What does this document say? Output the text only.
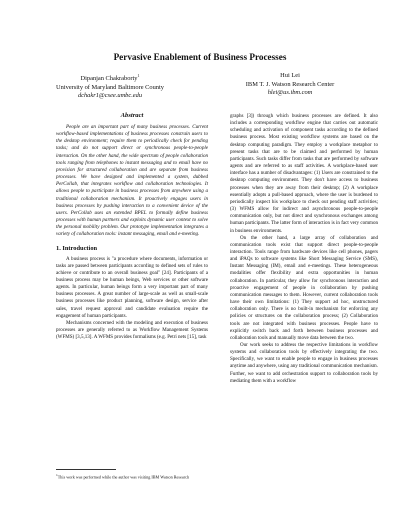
Pervasive Enablement of Business Processes
Dipanjan Chakraborty$^1$
University of Maryland Baltimore County
dchakr1@csee.umbc.edu
Hui Lei
IBM T. J. Watson Research Center
hlei@us.ibm.com
Abstract

People are an important part of many business processes. Current workflow-based implementations of business processes constrain users to the desktop environment; require them to periodically check for pending tasks; and do not support direct or synchronous people-to-people interaction. On the other hand, the wide spectrum of people collaboration tools ranging from telephones to instant messaging and to email have no provision for structured collaboration and are separate from business processes. We have designed and implemented a system, dubbed PerCollab, that integrates workflow and collaboration technologies. It allows people to participate in business processes from anywhere using a traditional collaboration mechanism. It proactively engages users in business processes by pushing interaction to a convenient device of the users. PerCollab uses an extended BPEL to formally define business processes with human partners and exploits dynamic user context to solve the personal mobility problem. Our prototype implementation integrates a variety of collaboration tools: instant messaging, email and e-meeting.

1. Introduction

A business process is "a procedure where documents, information or tasks are passed between participants according to defined sets of rules to achieve or contribute to an overall business goal" [24]. Participants of a business process may be human beings, Web services or other software agents. In particular, human beings form a very important part of many business processes. A great number of large-scale as well as small-scale business processes like product planning, software design, service after sales, travel request approval and candidate evaluation require the engagement of human participants.

Mechanisms concerned with the modeling and execution of business processes are generally referred to as Workflow Management Systems (WFMS) [3,5,13]. A WFMS provides formalisms (e.g. Petri nets [15], task

$^1$This work was performed while the author was visiting IBM Watson Research

graphs [3]) through which business processes are defined. It also includes a corresponding workflow engine that carries out automatic scheduling and activation of component tasks according to the defined business process. Most existing workflow systems are based on the desktop computing paradigm. They employ a workplace metaphor to present tasks that are to be claimed and performed by human participants. Such tasks differ from tasks that are performed by software agents and are referred to as staff activities. A workplace-based user interface has a number of disadvantages: (1) Users are constrained to the desktop computing environment. They don't have access to business processes when they are away from their desktop; (2) A workplace essentially adopts a pull-based approach, where the user is burdened to periodically inspect his workplace to check out pending staff activities; (3) WFMS allow for indirect and asynchronous people-to-people communication only, but not direct and synchronous exchanges among human participants. The latter form of interaction is in fact very common in business environments.

On the other hand, a large array of collaboration and communication tools exist that support direct people-to-people interaction. Tools range from hardware devices like cell phones, pagers and iPAQs to software systems like Short Messaging Service (SMS), Instant Messaging (IM), email and e-meetings. These heterogeneous modalities offer flexibility and extra opportunities in human collaboration. In particular, they allow for synchronous interaction and proactive engagement of people in collaboration by pushing communication messages to them. However, current collaboration tools have their own limitations: (1) They support ad hoc, unstructured collaboration only. There is no built-in mechanism for enforcing any policies or structures on the collaboration process; (2) Collaboration tools are not integrated with business processes. People have to explicitly switch back and forth between business processes and collaboration tools and manually move data between the two.

Our work seeks to address the respective limitations in workflow systems and collaboration tools by effectively integrating the two. Specifically, we want to enable people to engage in business processes anytime and anywhere, using any traditional communication mechanism. Further, we want to add orchestration support to collaboration tools by mediating them with a workflow
